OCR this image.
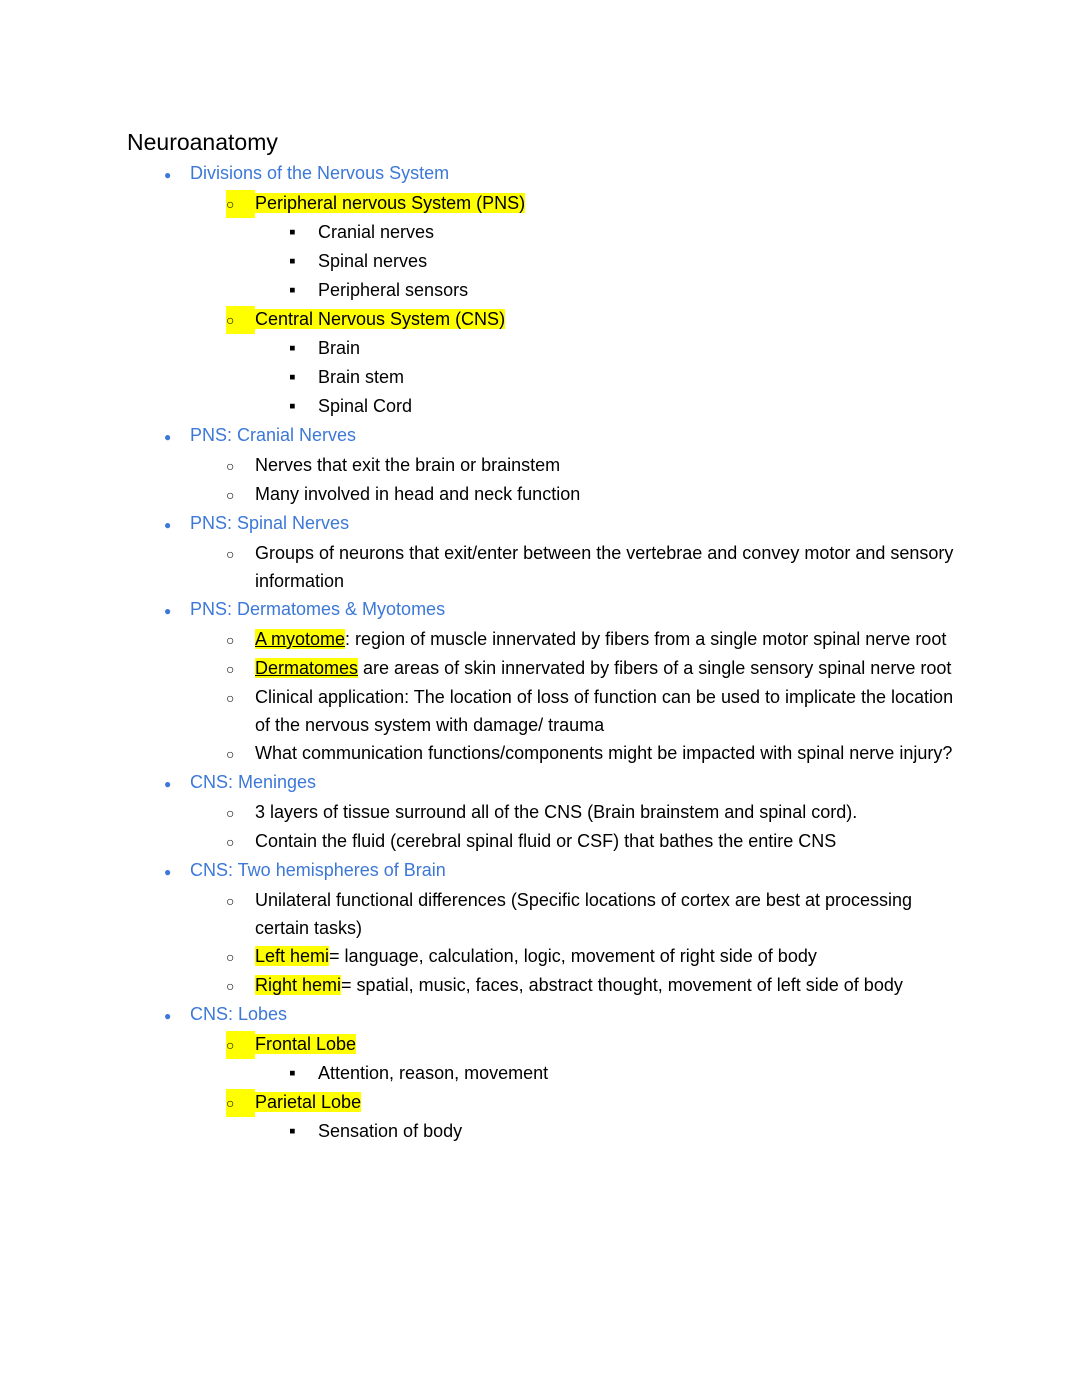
Neuroanatomy
●	Divisions of the Nervous System
○	Peripheral nervous System (PNS)
▪	Cranial nerves
▪	Spinal nerves
▪	Peripheral sensors
○	Central Nervous System (CNS)
▪	Brain
▪	Brain stem
▪	Spinal Cord
●	PNS: Cranial Nerves
○	Nerves that exit the brain or brainstem
○	Many involved in head and neck function
●	PNS: Spinal Nerves
○	Groups of neurons that exit/enter between the vertebrae and convey motor and sensory information
●	PNS: Dermatomes & Myotomes
○	A myotome: region of muscle innervated by fibers from a single motor spinal nerve root
○	Dermatomes are areas of skin innervated by fibers of a single sensory spinal nerve root
○	Clinical application: The location of loss of function can be used to implicate the location of the nervous system with damage/ trauma
○	What communication functions/components might be impacted with spinal nerve injury?
●	CNS: Meninges
○	3 layers of tissue surround all of the CNS (Brain brainstem and spinal cord).
○	Contain the fluid (cerebral spinal fluid or CSF) that bathes the entire CNS
●	CNS: Two hemispheres of Brain
○	Unilateral functional differences (Specific locations of cortex are best at processing certain tasks)
○	Left hemi= language, calculation, logic, movement of right side of body
○	Right hemi= spatial, music, faces, abstract thought, movement of left side of body
●	CNS: Lobes
○	Frontal Lobe
▪	Attention, reason, movement
○	Parietal Lobe
▪	Sensation of body
